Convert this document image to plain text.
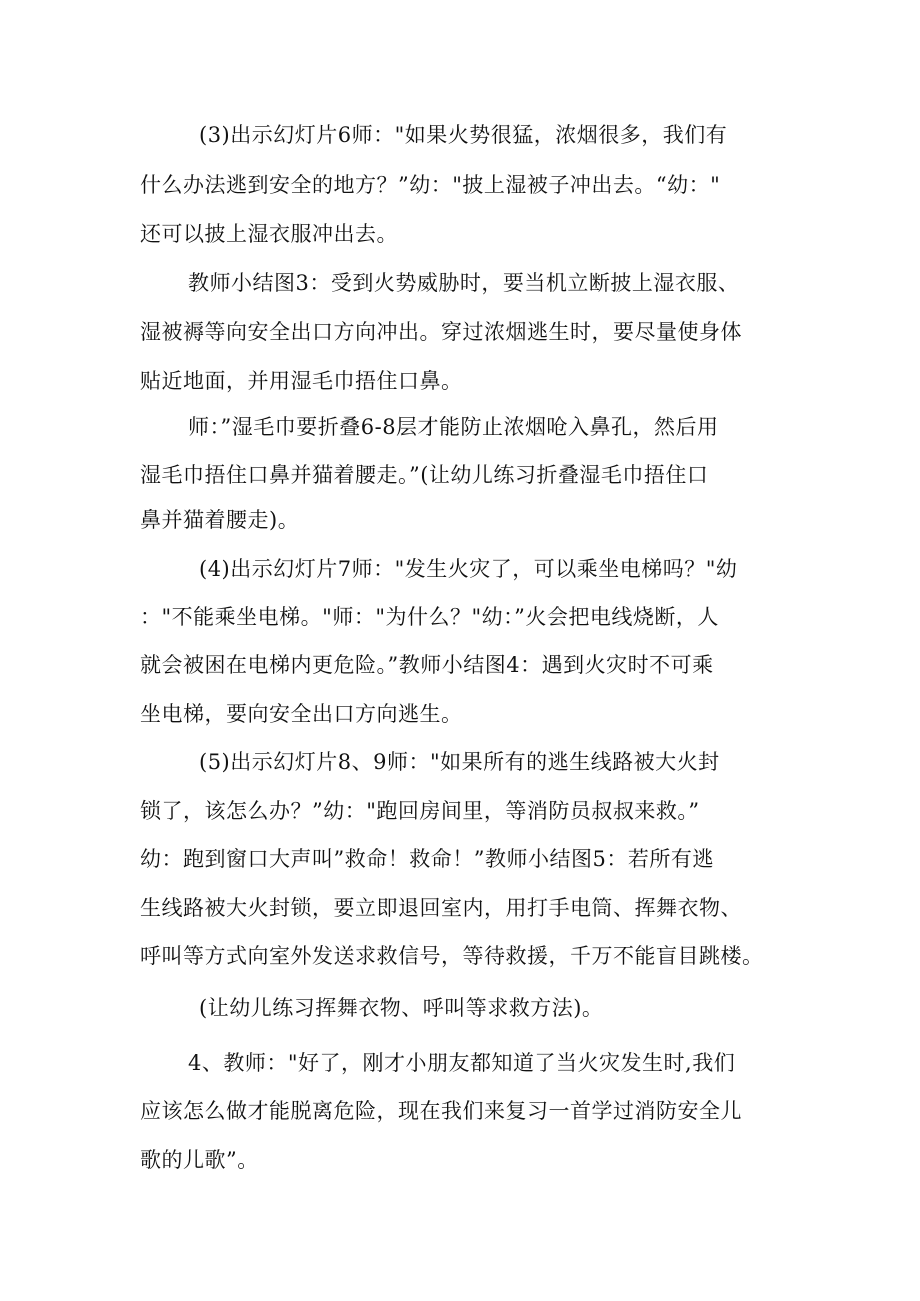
(3)出示幻灯片6师："如果火势很猛，浓烟很多，我们有
什么办法逃到安全的地方？”幼："披上湿被子冲出去。“幼："
还可以披上湿衣服冲出去。
教师小结图3：受到火势威胁时，要当机立断披上湿衣服、
湿被褥等向安全出口方向冲出。穿过浓烟逃生时，要尽量使身体
贴近地面，并用湿毛巾捂住口鼻。
师：”湿毛巾要折叠6-8层才能防止浓烟呛入鼻孔，然后用
湿毛巾捂住口鼻并猫着腰走。”(让幼儿练习折叠湿毛巾捂住口
鼻并猫着腰走)。
(4)出示幻灯片7师："发生火灾了，可以乘坐电梯吗？"幼
："不能乘坐电梯。"师："为什么？"幼：”火会把电线烧断，人
就会被困在电梯内更危险。”教师小结图4：遇到火灾时不可乘
坐电梯，要向安全出口方向逃生。
(5)出示幻灯片8、9师："如果所有的逃生线路被大火封
锁了，该怎么办？”幼："跑回房间里，等消防员叔叔来救。”
幼：跑到窗口大声叫”救命！救命！”教师小结图5：若所有逃
生线路被大火封锁，要立即退回室内，用打手电筒、挥舞衣物、
呼叫等方式向室外发送求救信号，等待救援，千万不能盲目跳楼。
(让幼儿练习挥舞衣物、呼叫等求救方法)。
4、教师："好了，刚才小朋友都知道了当火灾发生时,我们
应该怎么做才能脱离危险，现在我们来复习一首学过消防安全儿
歌的儿歌”。
